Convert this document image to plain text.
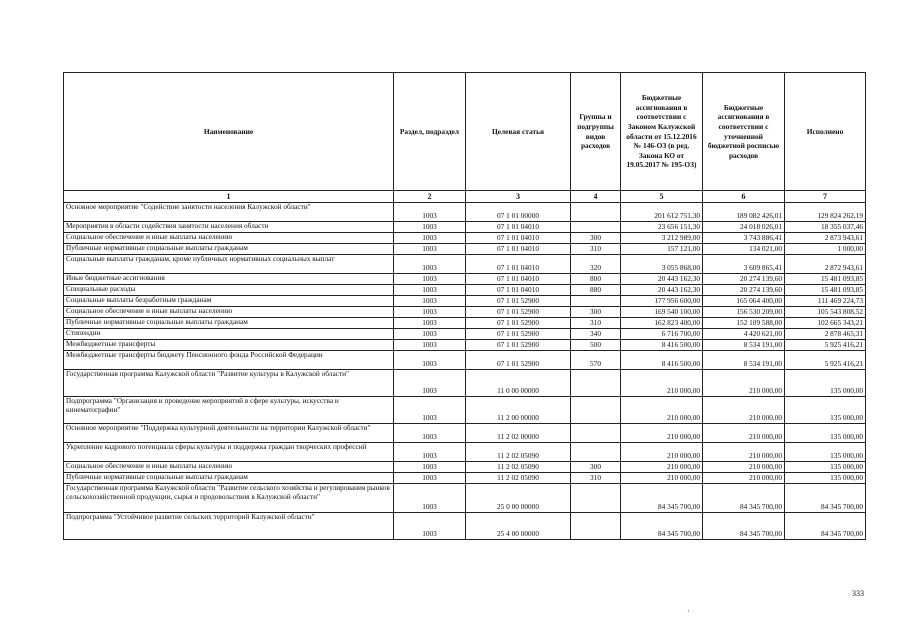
Наименование	Раздел, подраздел	Целевая статья	Группы и подгруппы видов расходов	Бюджетные ассигнования в соответствии с Законом Калужской области от 15.12.2016 № 146-ОЗ (в ред. Закона КО от 19.05.2017 № 195-ОЗ)	Бюджетные ассигнования в соответствии с уточненной бюджетной росписью расходов	Исполнено
1	2	3	4	5	6	7
Основное мероприятие "Содействие занятости населения Калужской области"	1003	07 1 01 00000		201 612 751,30	189 082 426,01	129 824 262,19
Мероприятия в области содействия занятости населения области	1003	07 1 01 04010		23 656 151,30	24 018 026,01	18 355 037,46
Социальное обеспечение и иные выплаты населению	1003	07 1 01 04010	300	3 212 989,00	3 743 886,41	2 873 943,61
Публичные нормативные социальные выплаты гражданам	1003	07 1 01 04010	310	157 121,00	134 021,00	1 000,00
Социальные выплаты гражданам, кроме публичных нормативных социальных выплат	1003	07 1 01 04010	320	3 055 868,00	3 609 865,41	2 872 943,61
Иные бюджетные ассигнования	1003	07 1 01 04010	800	20 443 162,30	20 274 139,60	15 481 093,85
Специальные расходы	1003	07 1 01 04010	880	20 443 162,30	20 274 139,60	15 481 093,85
Социальные выплаты безработным гражданам	1003	07 1 01 52900		177 956 600,00	165 064 400,00	111 469 224,73
Социальное обеспечение и иные выплаты населению	1003	07 1 01 52900	300	169 540 100,00	156 530 209,00	105 543 808,52
Публичные нормативные социальные выплаты гражданам	1003	07 1 01 52900	310	162 823 400,00	152 109 588,00	102 665 343,21
Стипендии	1003	07 1 01 52900	340	6 716 700,00	4 420 621,00	2 878 465,31
Межбюджетные трансферты	1003	07 1 01 52900	500	8 416 500,00	8 534 191,00	5 925 416,21
Межбюджетные трансферты бюджету Пенсионного фонда Российской Федерации	1003	07 1 01 52900	570	8 416 500,00	8 534 191,00	5 925 416,21
Государственная программа Калужской области "Развитие культуры в Калужской области"	1003	11 0 00 00000		210 000,00	210 000,00	135 000,00
Подпрограмма "Организация и проведение мероприятий в сфере культуры, искусства и кинематографии"	1003	11 2 00 00000		210 000,00	210 000,00	135 000,00
Основное мероприятие "Поддержка культурной деятельности на территории Калужской области"	1003	11 2 02 00000		210 000,00	210 000,00	135 000,00
Укрепление кадрового потенциала сферы культуры и поддержка граждан творческих профессий	1003	11 2 02 05090		210 000,00	210 000,00	135 000,00
Социальное обеспечение и иные выплаты населению	1003	11 2 02 05090	300	210 000,00	210 000,00	135 000,00
Публичные нормативные социальные выплаты гражданам	1003	11 2 02 05090	310	210 000,00	210 000,00	135 000,00
Государственная программа Калужской области "Развитие сельского хозяйства и регулирования рынков сельскохозяйственной продукции, сырья и продовольствия в Калужской области"	1003	25 0 00 00000		84 345 700,00	84 345 700,00	84 345 700,00
Подпрограмма "Устойчивое развитие сельских территорий Калужской области"	1003	25 4 00 00000		84 345 700,00	84 345 700,00	84 345 700,00
333
·
